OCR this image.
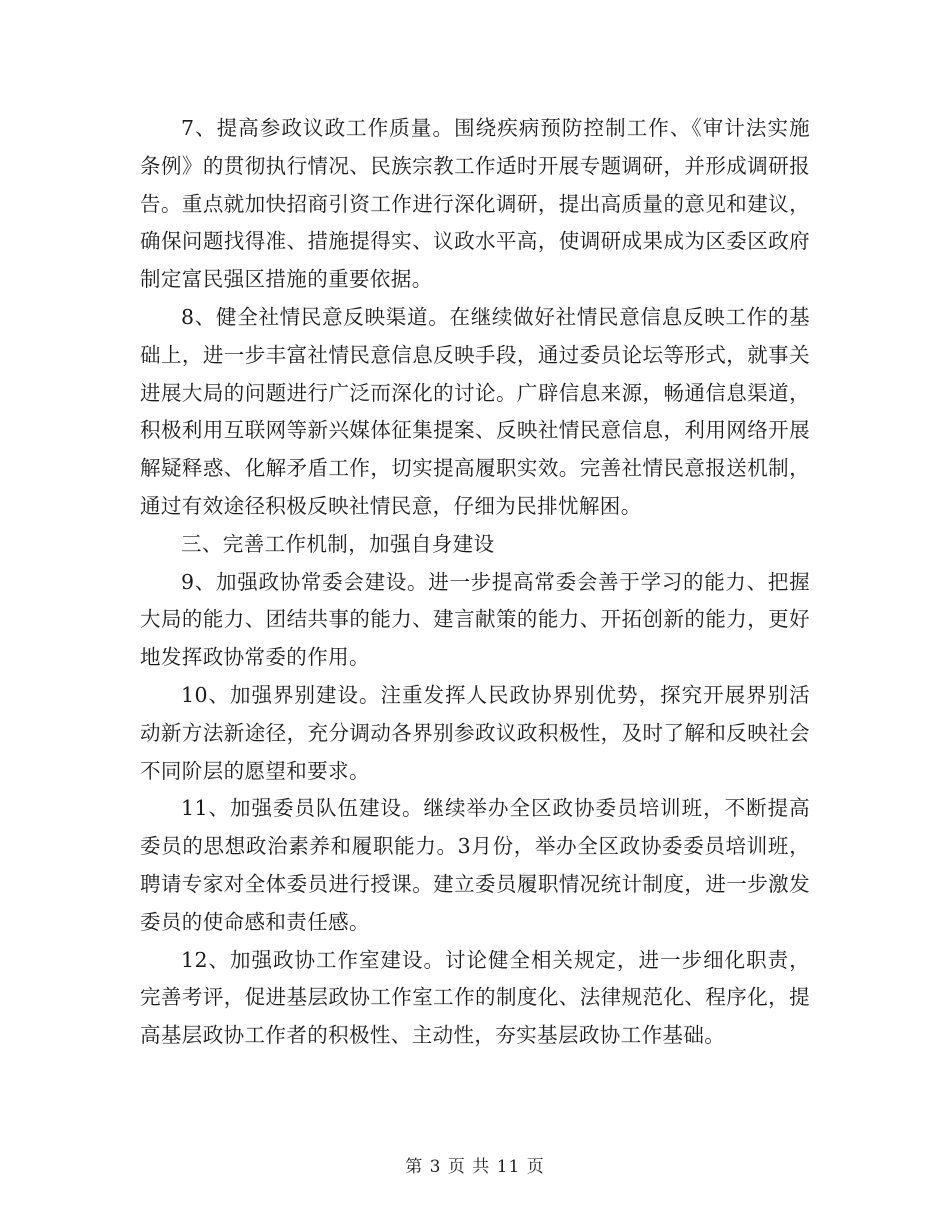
7、提高参政议政工作质量。围绕疾病预防控制工作、《审计法实施条例》的贯彻执行情况、民族宗教工作适时开展专题调研，并形成调研报告。重点就加快招商引资工作进行深化调研，提出高质量的意见和建议，确保问题找得准、措施提得实、议政水平高，使调研成果成为区委区政府制定富民强区措施的重要依据。

8、健全社情民意反映渠道。在继续做好社情民意信息反映工作的基础上，进一步丰富社情民意信息反映手段，通过委员论坛等形式，就事关进展大局的问题进行广泛而深化的讨论。广辟信息来源，畅通信息渠道，积极利用互联网等新兴媒体征集提案、反映社情民意信息，利用网络开展解疑释惑、化解矛盾工作，切实提高履职实效。完善社情民意报送机制，通过有效途径积极反映社情民意，仔细为民排忧解困。

三、完善工作机制，加强自身建设

9、加强政协常委会建设。进一步提高常委会善于学习的能力、把握大局的能力、团结共事的能力、建言献策的能力、开拓创新的能力，更好地发挥政协常委的作用。

10、加强界别建设。注重发挥人民政协界别优势，探究开展界别活动新方法新途径，充分调动各界别参政议政积极性，及时了解和反映社会不同阶层的愿望和要求。

11、加强委员队伍建设。继续举办全区政协委员培训班，不断提高委员的思想政治素养和履职能力。3月份，举办全区政协委委员培训班，聘请专家对全体委员进行授课。建立委员履职情况统计制度，进一步激发委员的使命感和责任感。

12、加强政协工作室建设。讨论健全相关规定，进一步细化职责，完善考评，促进基层政协工作室工作的制度化、法律规范化、程序化，提高基层政协工作者的积极性、主动性，夯实基层政协工作基础。

第 3 页 共 11 页
